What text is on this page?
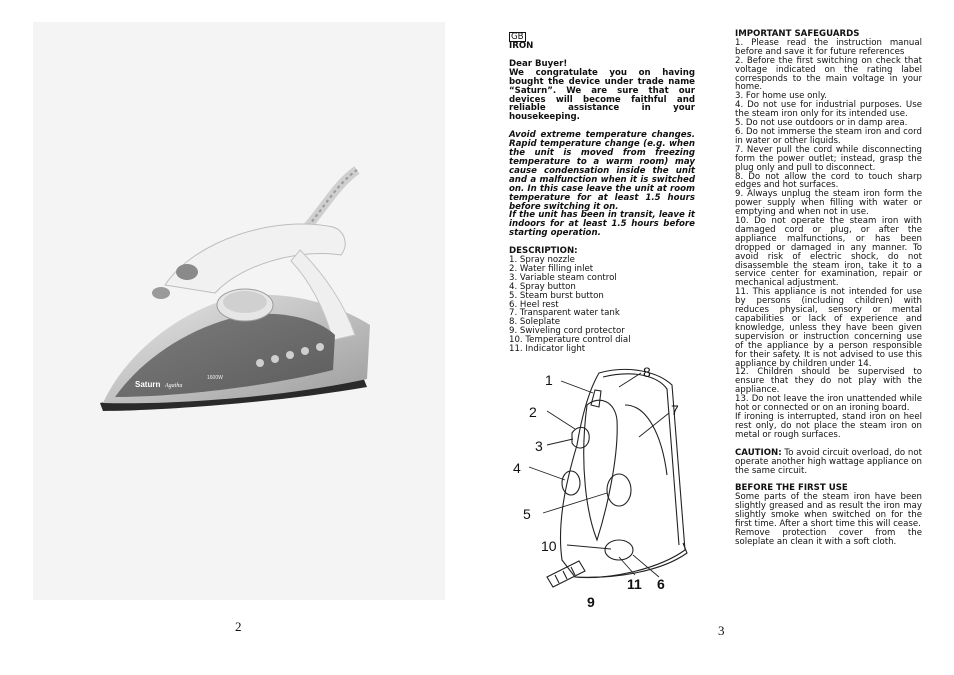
Saturn Agatha
1600W
2

GB

IRON

Dear Buyer!

We congratulate you on having bought the device under trade name “Saturn”. We are sure that our devices will become faithful and reliable assistance in your housekeeping.

Avoid extreme temperature changes. Rapid temperature change (e.g. when the unit is moved from freezing temperature to a warm room) may cause condensation inside the unit and a malfunction when it is switched on. In this case leave the unit at room temperature for at least 1.5 hours before switching it on.

If the unit has been in transit, leave it indoors for at least 1.5 hours before starting operation.

DESCRIPTION:

1. Spray nozzle
2. Water filling inlet
3. Variable steam control
4. Spray button
5. Steam burst button
6. Heel rest
7. Transparent water tank
8. Soleplate
9. Swiveling cord protector
10. Temperature control dial
11. Indicator light
1
2
3
4
5
10
9
11 6
7
8

IMPORTANT SAFEGUARDS

1. Please read the instruction manual before and save it for future references

2. Before the first switching on check that voltage indicated on the rating label corresponds to the main voltage in your home.

3. For home use only.

4. Do not use for industrial purposes. Use the steam iron only for its intended use.

5. Do not use outdoors or in damp area.

6. Do not immerse the steam iron and cord in water or other liquids.

7. Never pull the cord while disconnecting form the power outlet; instead, grasp the plug only and pull to disconnect.

8. Do not allow the cord to touch sharp edges and hot surfaces.

9. Always unplug the steam iron form the power supply when filling with water or emptying and when not in use.

10. Do not operate the steam iron with damaged cord or plug, or after the appliance malfunctions, or has been dropped or damaged in any manner. To avoid risk of electric shock, do not disassemble the steam iron, take it to a service center for examination, repair or mechanical adjustment.

11. This appliance is not intended for use by persons (including children) with reduces physical, sensory or mental capabilities or lack of experience and knowledge, unless they have been given supervision or instruction concerning use of the appliance by a person responsible for their safety. It is not advised to use this appliance by children under 14.

12. Children should be supervised to ensure that they do not play with the appliance.

13. Do not leave the iron unattended while hot or connected or on an ironing board.

If ironing is interrupted, stand iron on heel rest only, do not place the steam iron on metal or rough surfaces.

CAUTION: To avoid circuit overload, do not operate another high wattage appliance on the same circuit.

BEFORE THE FIRST USE

Some parts of the steam iron have been slightly greased and as result the iron may slightly smoke when switched on for the first time. After a short time this will cease.

Remove protection cover from the soleplate an clean it with a soft cloth.

3
